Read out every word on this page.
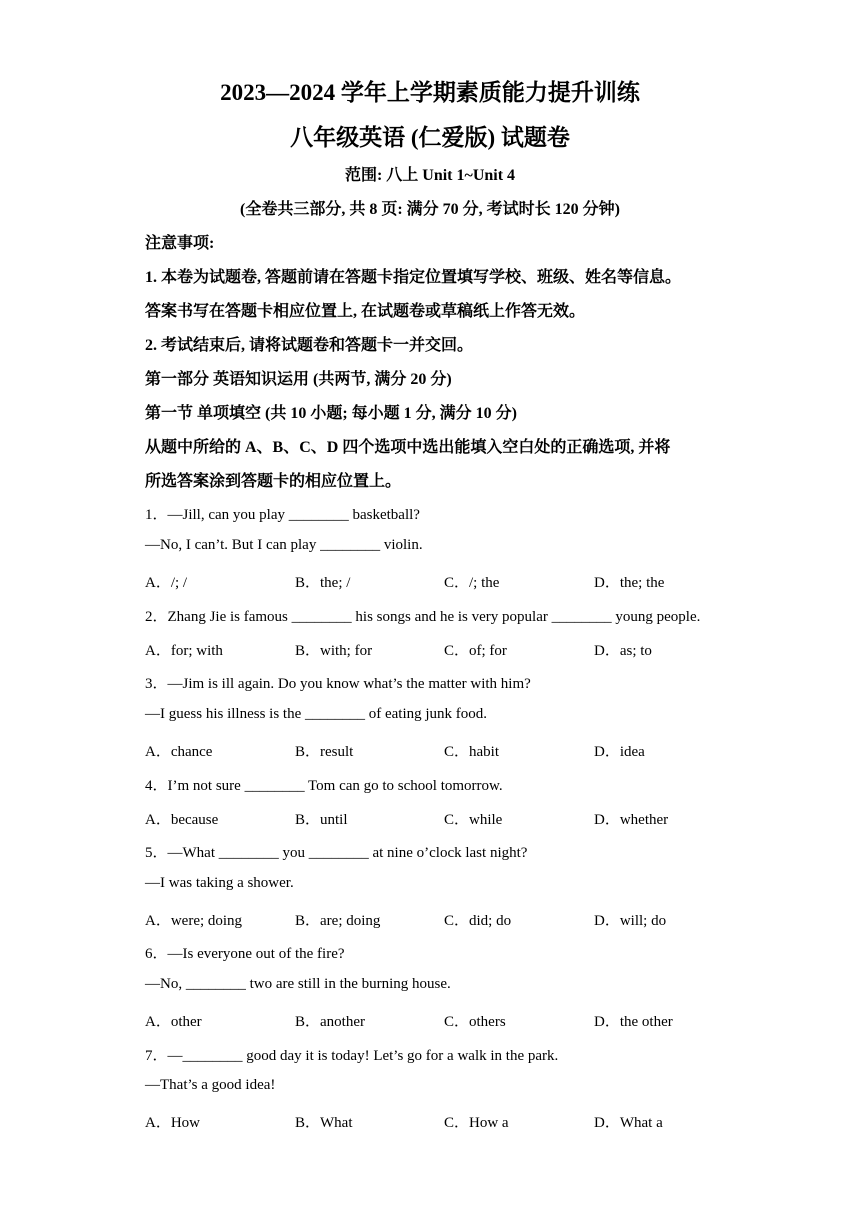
2023—2024 学年上学期素质能力提升训练
八年级英语 (仁爱版) 试题卷
范围: 八上 Unit 1~Unit 4
(全卷共三部分, 共 8 页: 满分 70 分, 考试时长 120 分钟)
注意事项:
1. 本卷为试题卷, 答题前请在答题卡指定位置填写学校、班级、姓名等信息。
答案书写在答题卡相应位置上, 在试题卷或草稿纸上作答无效。
2. 考试结束后, 请将试题卷和答题卡一并交回。
第一部分 英语知识运用 (共两节, 满分 20 分)
第一节 单项填空 (共 10 小题; 每小题 1 分, 满分 10 分)
从题中所给的 A、B、C、D 四个选项中选出能填入空白处的正确选项, 并将
所选答案涂到答题卡的相应位置上。
1．—Jill, can you play ________ basketball?
—No, I can’t. But I can play ________ violin.
A．/; /	B．the; /	C．/; the	D．the; the
2．Zhang Jie is famous ________ his songs and he is very popular ________ young people.
A．for; with	B．with; for	C．of; for	D．as; to
3．—Jim is ill again. Do you know what’s the matter with him?
—I guess his illness is the ________ of eating junk food.
A．chance	B．result	C．habit	D．idea
4．I’m not sure ________ Tom can go to school tomorrow.
A．because	B．until	C．while	D．whether
5．—What ________ you ________ at nine o’clock last night?
—I was taking a shower.
A．were; doing	B．are; doing	C．did; do	D．will; do
6．—Is everyone out of the fire?
—No, ________ two are still in the burning house.
A．other	B．another	C．others	D．the other
7．—________ good day it is today! Let’s go for a walk in the park.
—That’s a good idea!
A．How	B．What	C．How a	D．What a
